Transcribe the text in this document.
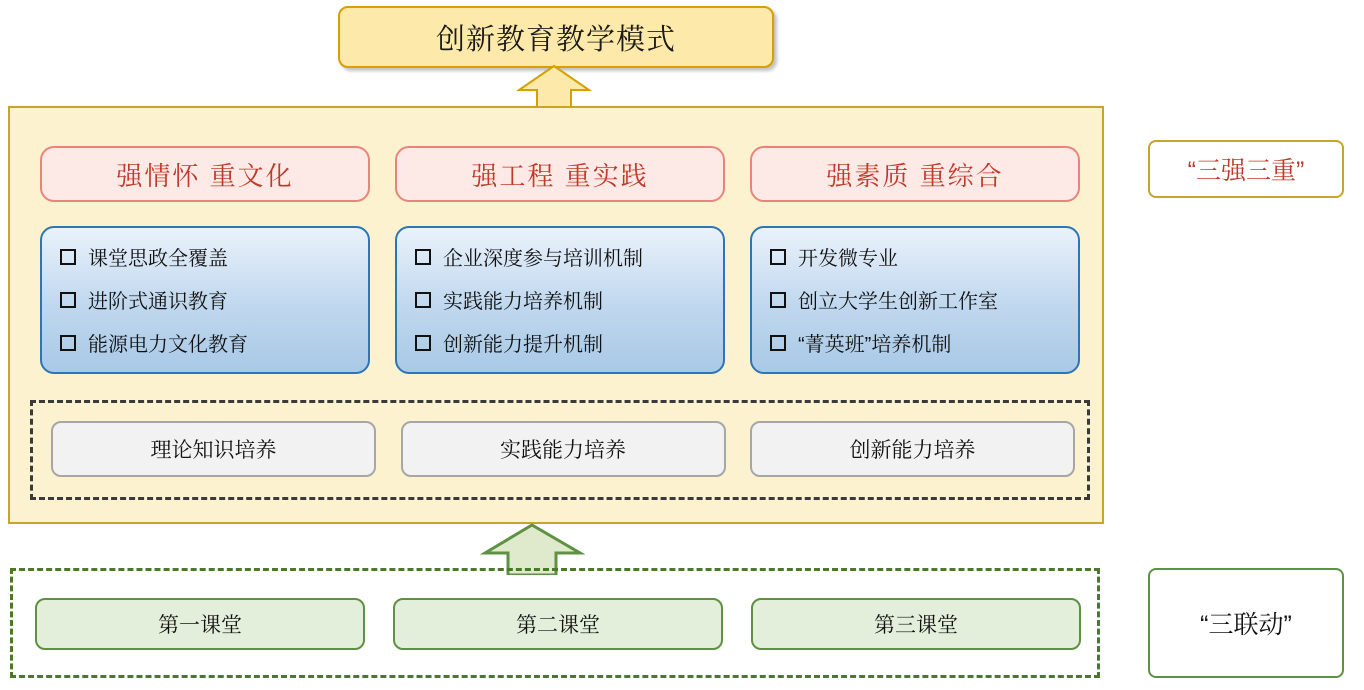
创新教育教学模式
强情怀 重文化	强工程 重实践	强素质 重综合
课堂思政全覆盖
进阶式通识教育
能源电力文化教育
企业深度参与培训机制
实践能力培养机制
创新能力提升机制
开发微专业
创立大学生创新工作室
“菁英班”培养机制
理论知识培养	实践能力培养	创新能力培养
第一课堂	第二课堂	第三课堂
“三强三重”
“三联动”
